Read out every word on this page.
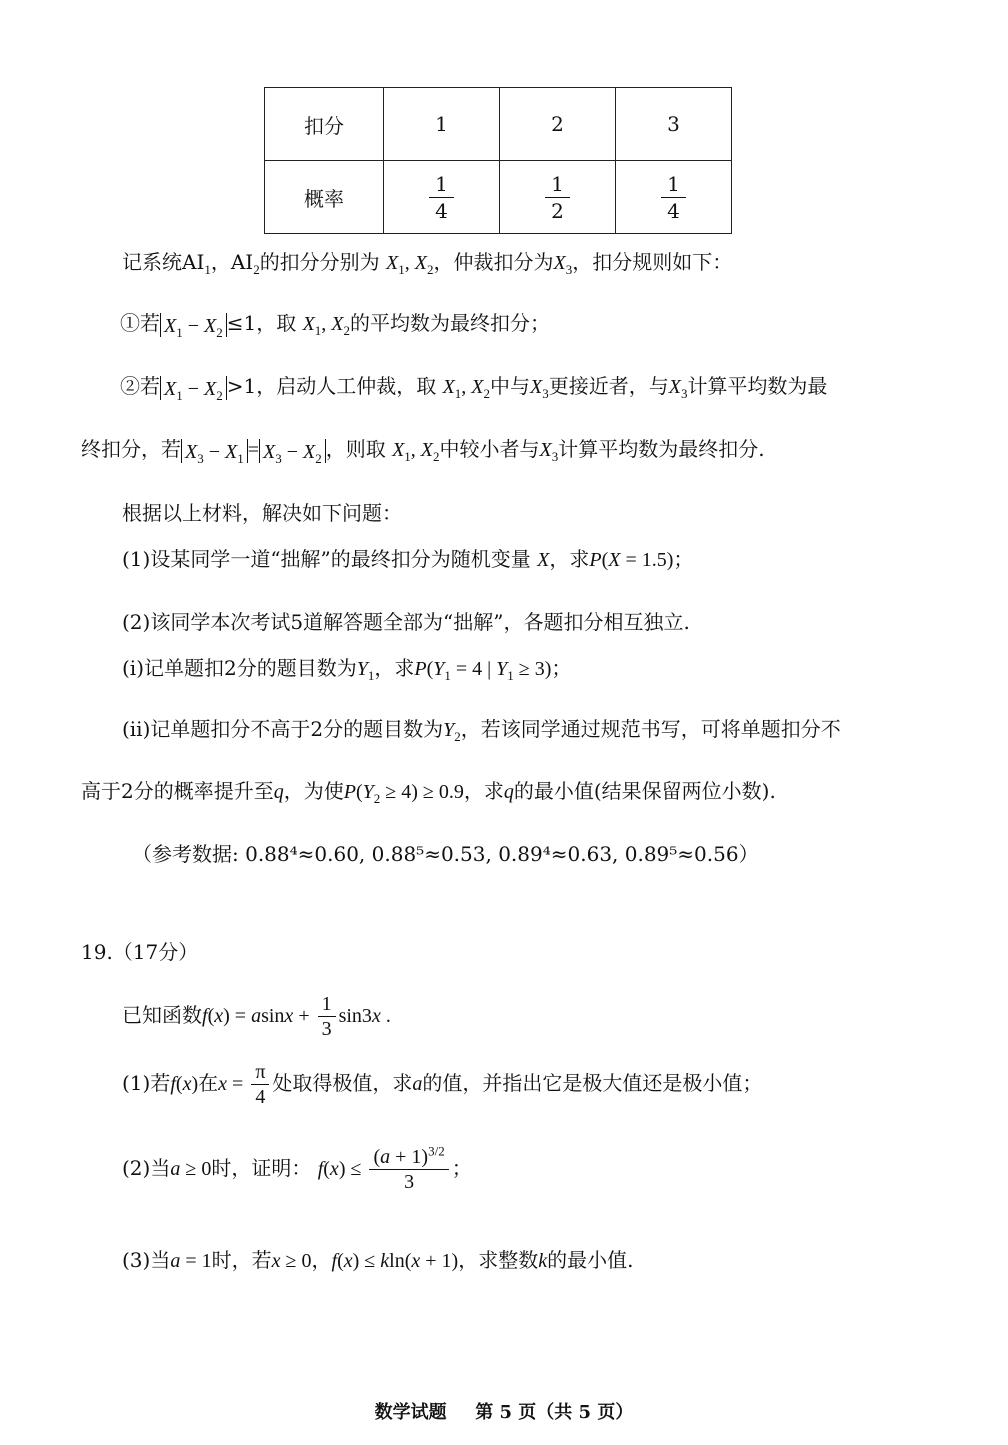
扣分	1	2	3
概率	$\frac{1}{4}$	$\frac{1}{2}$	$\frac{1}{4}$
记系统$AI_1$，$AI_2$的扣分分别为 $X_1$, $X_2$，仲裁扣分为$X_3$，扣分规则如下：
①若 $X_1 - X_2 \le 1$，取 $X_1$, $X_2$的平均数为最终扣分；
②若 $X_1 - X_2 >1$，启动人工仲裁，取 $X_1$, $X_2$中与$X_3$更接近者，与$X_3$计算平均数为最
终扣分，若 $X_3 - X_1 = X_3 - X_2$ ，则取 $X_1$, $X_2$中较小者与$X_3$计算平均数为最终扣分.
根据以上材料，解决如下问题：
(1)设某同学一道“拙解”的最终扣分为随机变量 X，求P(X = 1.5)；
(2)该同学本次考试5道解答题全部为“拙解”，各题扣分相互独立.
(ⅰ)记单题扣2分的题目数为$Y_1$，求$P(Y_1 = 4$ | $Y_1 \ge 3$)；
(ⅱ)记单题扣分不高于2分的题目数为$Y_2$，若该同学通过规范书写，可将单题扣分不
高于2分的概率提升至q，为使$P(Y_2 \ge 4) \ge 0.9$，求q的最小值(结果保留两位小数).
（参考数据: 0.88⁴≈0.60, 0.88⁵≈0.53, 0.89⁴≈0.63, 0.89⁵≈0.56）
19.（17分）
已知函数$f(x) = asinx + \frac{1}{3} \sin 3x$ .
(1)若f(x)在$x = \frac{\pi}{4}$ 处取得极值，求a的值，并指出它是极大值还是极小值；
(2)当a ≥ 0时，证明： $f(x) \le \frac{(a + 1)^{3/2}}{3}$ ；
(3)当a = 1时，若x ≥ 0，f(x) ≤ kln(x + 1)，求整数k的最小值.
数学试题 第 5 页（共 5 页）
